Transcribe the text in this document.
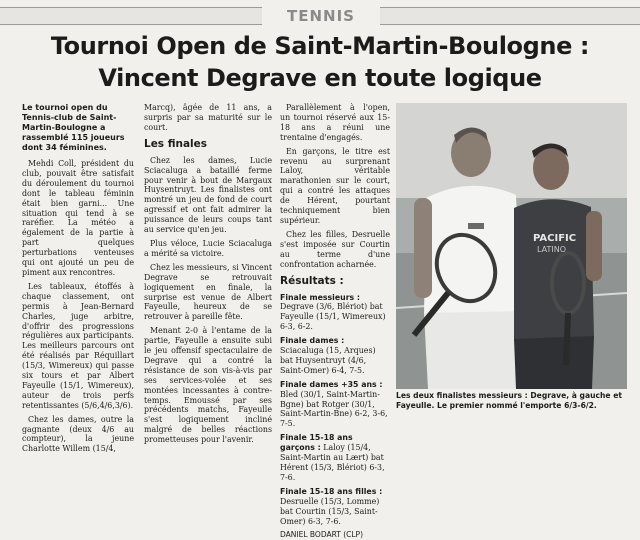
TENNIS
Tournoi Open de Saint-Martin-Boulogne :
Vincent Degrave en toute logique
Le tournoi open du Tennis-club de Saint-Martin-Boulogne a rassemblé 115 joueurs dont 34 féminines.

Mehdi Coll, président du club, pouvait être satisfait du déroulement du tournoi dont le tableau féminin était bien garni... Une situation qui tend à se raréfier. La météo a également de la partie à part quelques perturbations venteuses qui ont ajouté un peu de piment aux rencontres.

Les tableaux, étoffés à chaque classement, ont permis à Jean-Bernard Charles, juge arbitre, d'offrir des progressions régulières aux participants. Les meilleurs parcours ont été réalisés par Réquillart (15/3, Wimereux) qui passe six tours et par Albert Fayeulle (15/1, Wimereux), auteur de trois perfs retentissantes (5/6,4/6,3/6).

Chez les dames, outre la gagnante (deux 4/6 au compteur), la jeune Charlotte Willem (15/4,

Marcq), âgée de 11 ans, a surpris par sa maturité sur le court.

Les finales

Chez les dames, Lucie Sciacaluga a bataillé ferme pour venir à bout de Margaux Huysentruyt. Les finalistes ont montré un jeu de fond de court agressif et ont fait admirer la puissance de leurs coups tant au service qu'en jeu.

Plus véloce, Lucie Sciacaluga a mérité sa victoire.

Chez les messieurs, si Vincent Degrave se retrouvait logiquement en finale, la surprise est venue de Albert Fayeulle, heureux de se retrouver à pareille fête.

Menant 2-0 à l'entame de la partie, Fayeulle a ensuite subi le jeu offensif spectaculaire de Degrave qui a contré la résistance de son vis-à-vis par ses services-volée et ses montées incessantes à contre-temps. Emoussé par ses précédents matchs, Fayeulle s'est logiquement incliné malgré de belles réactions prometteuses pour l'avenir.

Parallèlement à l'open, un tournoi réservé aux 15-18 ans a réuni une trentaine d'engagés.

En garçons, le titre est revenu au surprenant Laloy, véritable marathonien sur le court, qui a contré les attaques de Hérent, pourtant techniquement bien supérieur.

Chez les filles, Desruelle s'est imposée sur Courtin au terme d'une confrontation acharnée.

Résultats :
Finale messieurs : Degrave (3/6, Blériot) bat Fayeulle (15/1, Wimereux) 6-3, 6-2.
Finale dames : Sciacaluga (15, Arques) bat Huysentruyt (4/6, Saint-Omer) 6-4, 7-5.
Finale dames +35 ans : Bled (30/1, Saint-Martin-Bgne) bat Rotger (30/1, Saint-Martin-Bne) 6-2, 3-6, 7-5.
Finale 15-18 ans garçons : Laloy (15/4, Saint-Martin au Lært) bat Hérent (15/3, Blériot) 6-3, 7-6.
Finale 15-18 ans filles : Desruelle (15/3, Lomme) bat Courtin (15/3, Saint-Omer) 6-3, 7-6.
DANIEL BODART (CLP)
PACIFIC
LATINO
Les deux finalistes messieurs : Degrave, à gauche et Fayeulle. Le premier nommé l'emporte 6/3-6/2.
